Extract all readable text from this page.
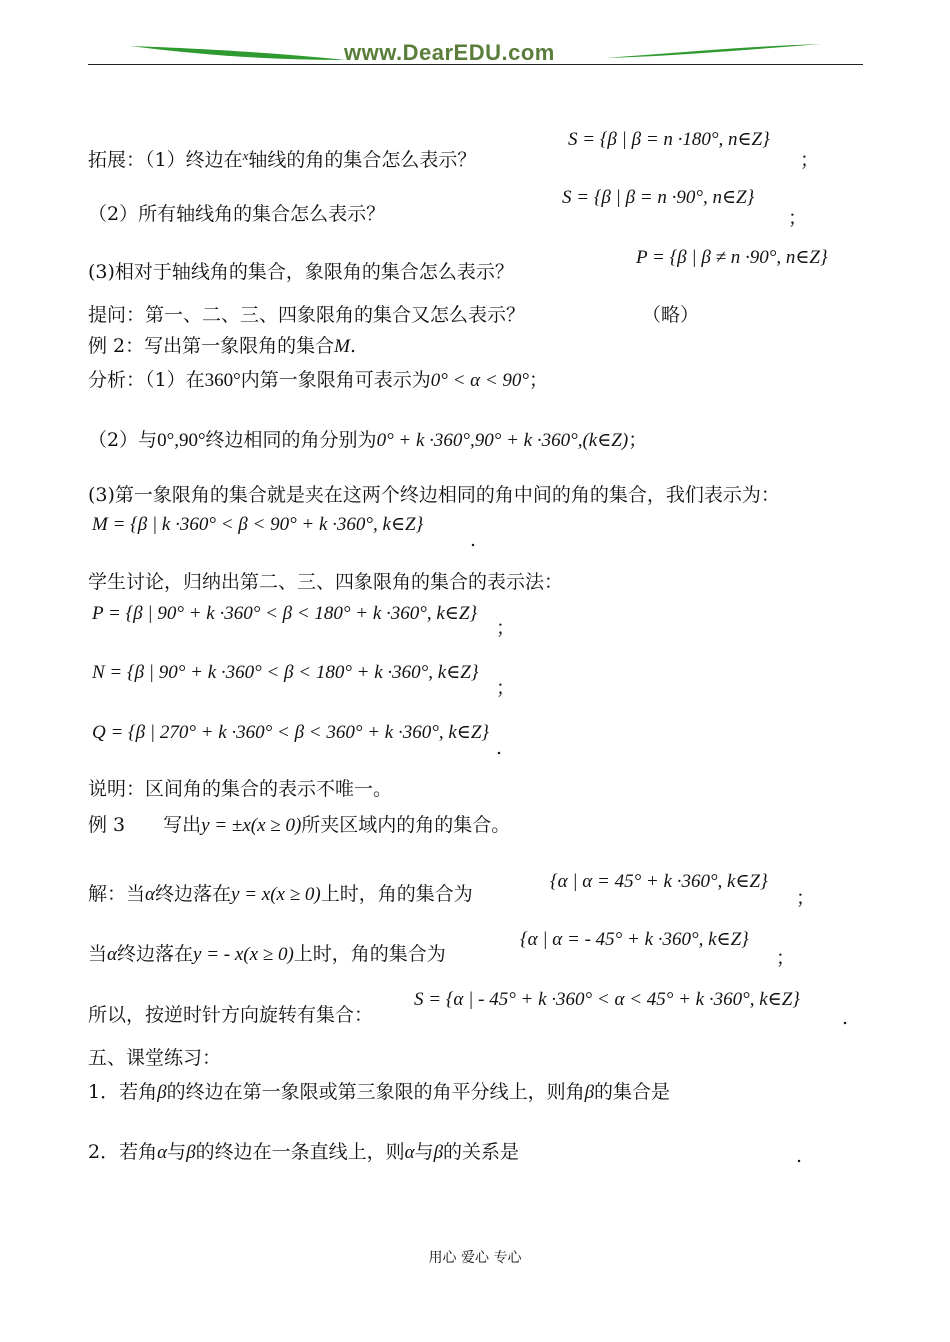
www.DearEDU.com
拓展：（1）终边在$^x$轴线的角的集合怎么表示？
S = {β | β = n ·180°, n∈Z}
；
（2）所有轴线角的集合怎么表示？
S = {β | β = n ·90°, n∈Z}
；
(3)相对于轴线角的集合，象限角的集合怎么表示？
P = {β | β ≠ n ·90°, n∈Z}
提问：第一、二、三、四象限角的集合又怎么表示？	（略）
例 2：写出第一象限角的集合M.
分析：（1）在360°内第一象限角可表示为0° < α < 90°；
（2）与0°,90°终边相同的角分别为0° + k ·360°,90° + k ·360°,(k∈Z)；
(3)第一象限角的集合就是夹在这两个终边相同的角中间的角的集合，我们表示为：
M = {β | k ·360° < β < 90° + k ·360°, k∈Z}
.
学生讨论，归纳出第二、三、四象限角的集合的表示法：
P = {β | 90° + k ·360° < β < 180° + k ·360°, k∈Z}
；
N = {β | 90° + k ·360° < β < 180° + k ·360°, k∈Z}
；
Q = {β | 270° + k ·360° < β < 360° + k ·360°, k∈Z}
.
说明：区间角的集合的表示不唯一。
例 3　　写出y = ±x(x ≥ 0)所夹区域内的角的集合。
解：当α终边落在y = x(x ≥ 0)上时，角的集合为
{α | α = 45° + k ·360°, k∈Z}
；
当α终边落在y = - x(x ≥ 0)上时，角的集合为
{α | α = - 45° + k ·360°, k∈Z}
；
所以，按逆时针方向旋转有集合：
S = {α | - 45° + k ·360° < α < 45° + k ·360°, k∈Z}
.
五、课堂练习：
1．若角β的终边在第一象限或第三象限的角平分线上，则角β的集合是
2．若角α与β的终边在一条直线上，则α与β的关系是	.
用心 爱心 专心
